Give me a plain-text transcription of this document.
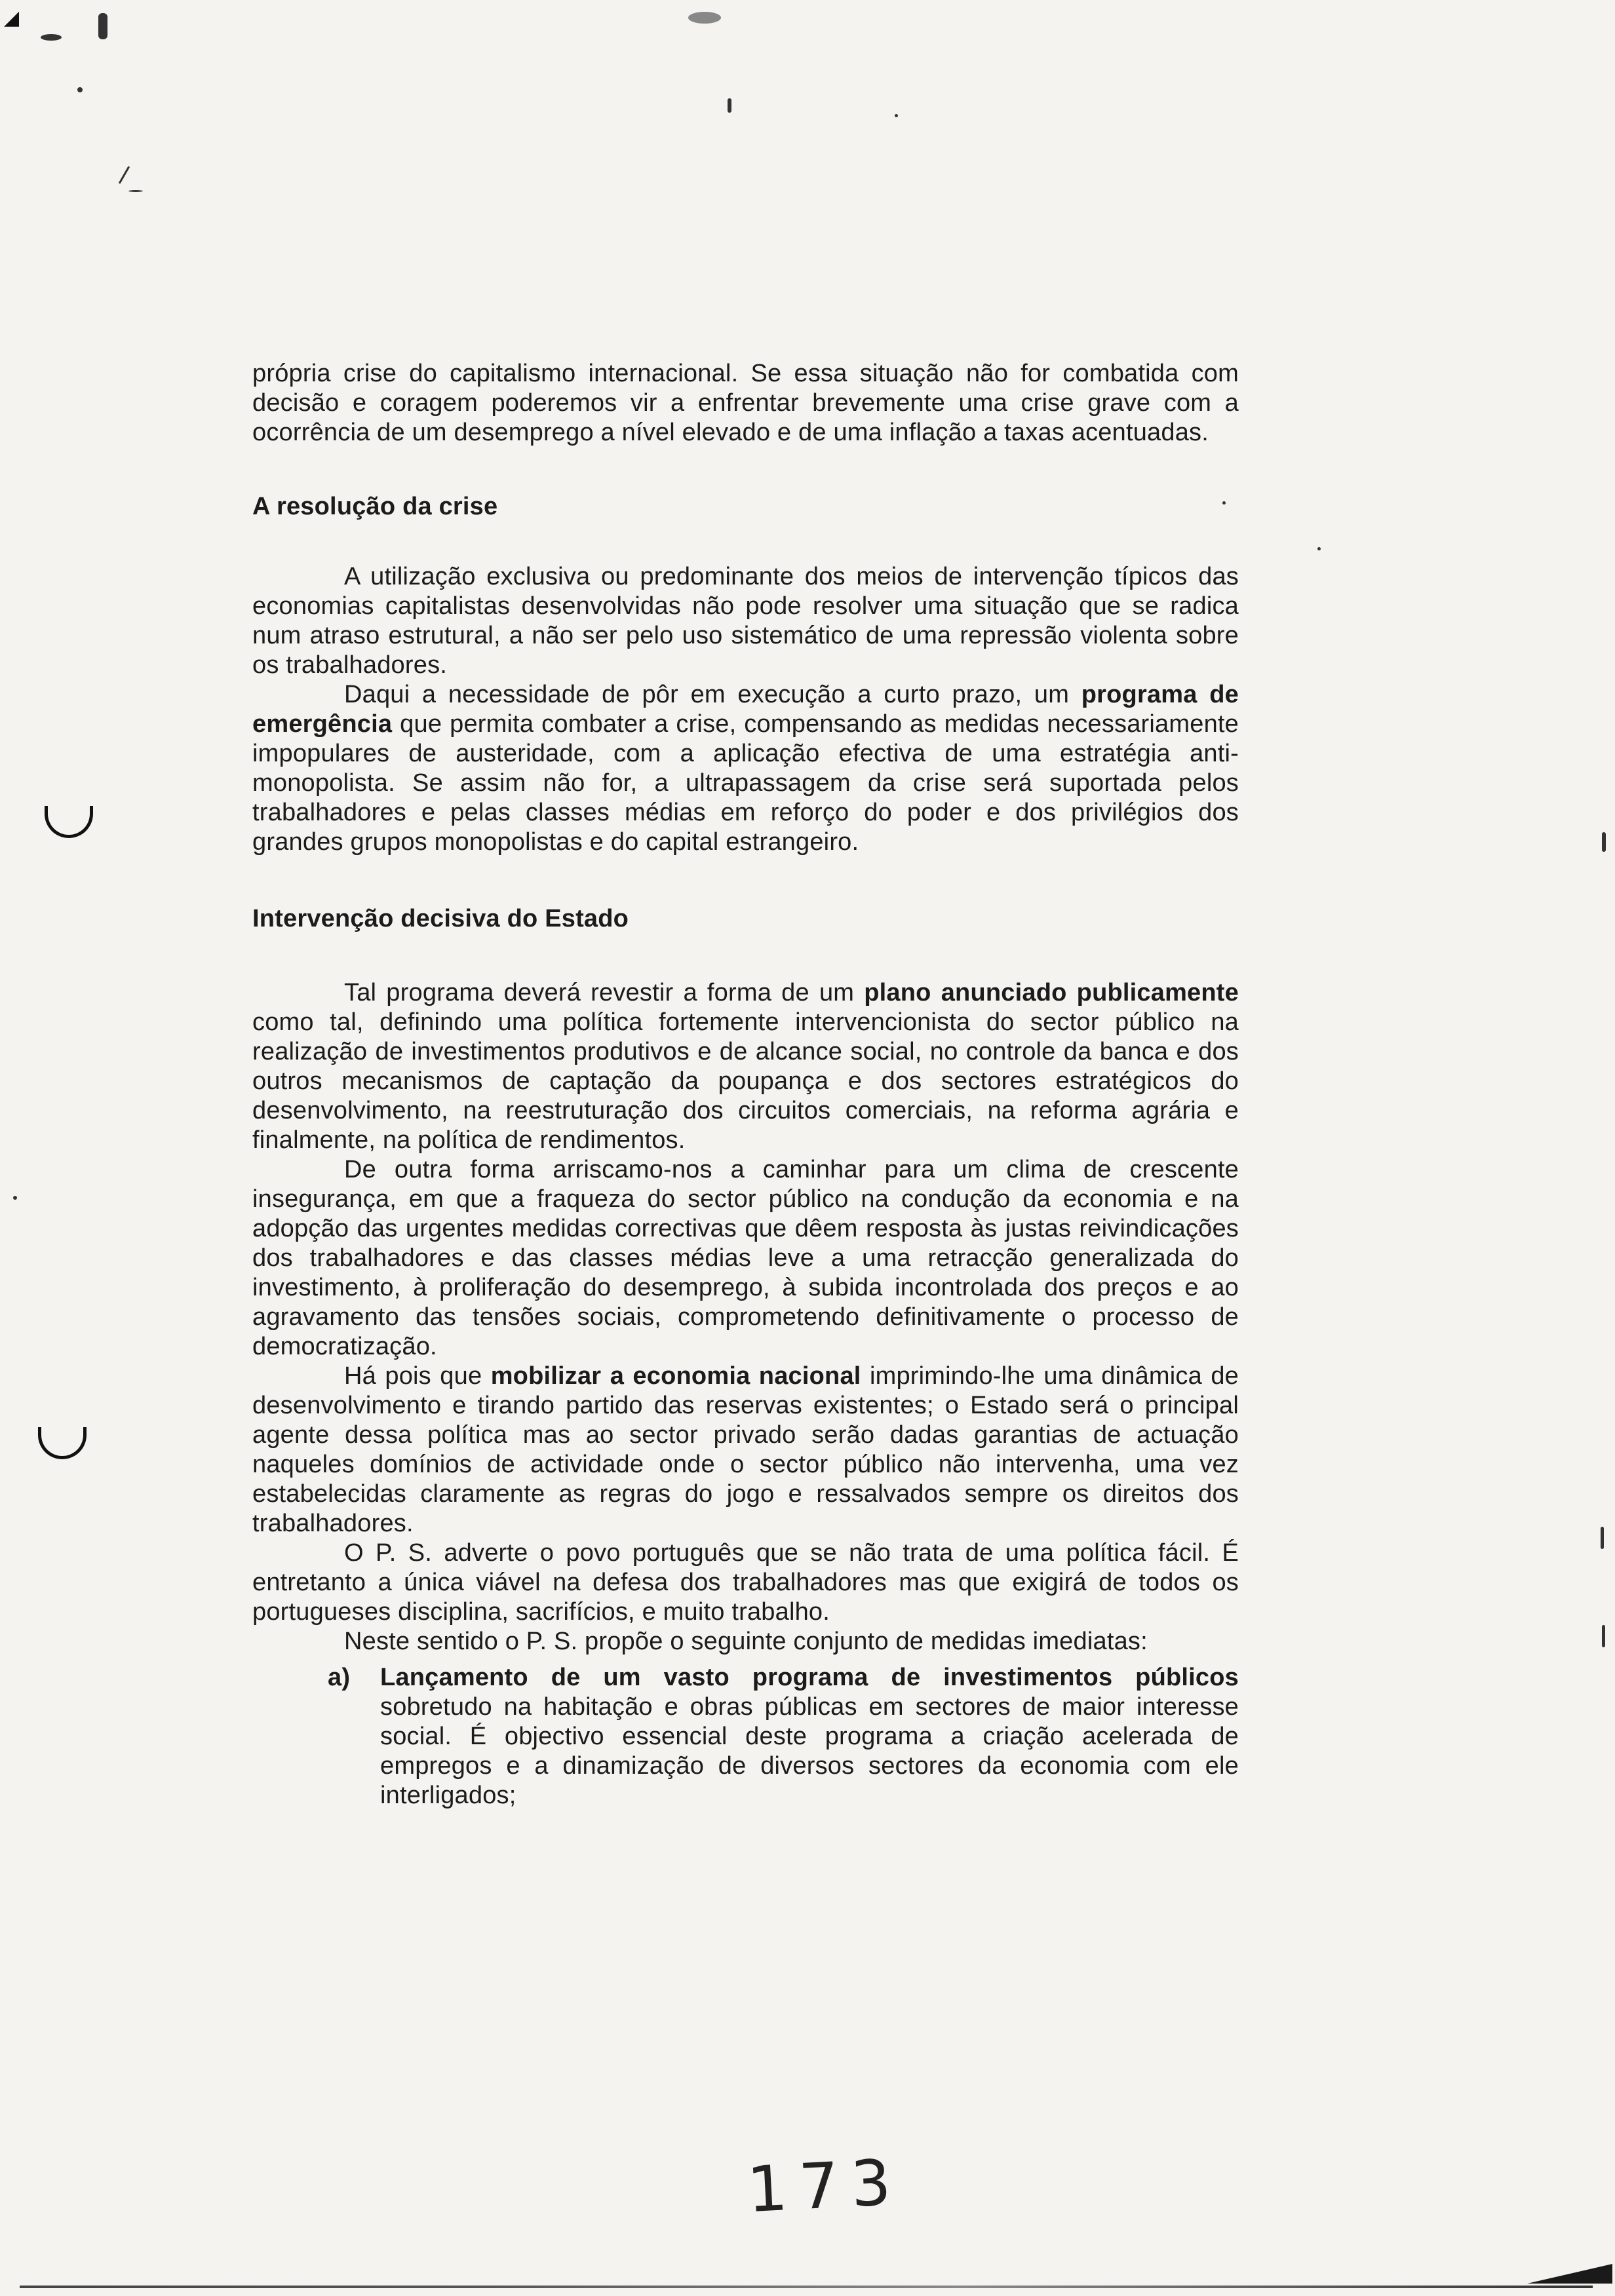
◢

própria crise do capitalismo internacional. Se essa situação não for combatida com decisão e coragem poderemos vir a enfrentar brevemente uma crise grave com a ocorrência de um desemprego a nível elevado e de uma inflação a taxas acentuadas.

A resolução da crise

A utilização exclusiva ou predominante dos meios de intervenção típicos das economias capitalistas desenvolvidas não pode resolver uma situação que se radica num atraso estrutural, a não ser pelo uso sistemático de uma repressão violenta sobre os trabalhadores.

Daqui a necessidade de pôr em execução a curto prazo, um programa de emergência que permita combater a crise, compensando as medidas necessariamente impopulares de austeridade, com a aplicação efectiva de uma estratégia anti-monopolista. Se assim não for, a ultrapassagem da crise será suportada pelos trabalhadores e pelas classes médias em reforço do poder e dos privilégios dos grandes grupos monopolistas e do capital estrangeiro.

Intervenção decisiva do Estado

Tal programa deverá revestir a forma de um plano anunciado publicamente como tal, definindo uma política fortemente intervencionista do sector público na realização de investimentos produtivos e de alcance social, no controle da banca e dos outros mecanismos de captação da poupança e dos sectores estratégicos do desenvolvimento, na reestruturação dos circuitos comerciais, na reforma agrária e finalmente, na política de rendimentos.

De outra forma arriscamo-nos a caminhar para um clima de crescente insegurança, em que a fraqueza do sector público na condução da economia e na adopção das urgentes medidas correctivas que dêem resposta às justas reivindicações dos trabalhadores e das classes médias leve a uma retracção generalizada do investimento, à proliferação do desemprego, à subida incontrolada dos preços e ao agravamento das tensões sociais, comprometendo definitivamente o processo de democratização.

Há pois que mobilizar a economia nacional imprimindo-lhe uma dinâmica de desenvolvimento e tirando partido das reservas existentes; o Estado será o principal agente dessa política mas ao sector privado serão dadas garantias de actuação naqueles domínios de actividade onde o sector público não intervenha, uma vez estabelecidas claramente as regras do jogo e ressalvados sempre os direitos dos trabalhadores.

O P. S. adverte o povo português que se não trata de uma política fácil. É entretanto a única viável na defesa dos trabalhadores mas que exigirá de todos os portugueses disciplina, sacrifícios, e muito trabalho.

Neste sentido o P. S. propõe o seguinte conjunto de medidas imediatas:

a) Lançamento de um vasto programa de investimentos públicos sobretudo na habitação e obras públicas em sectores de maior interesse social. É objectivo essencial deste programa a criação acelerada de empregos e a dinamização de diversos sectores da economia com ele interligados;

173
